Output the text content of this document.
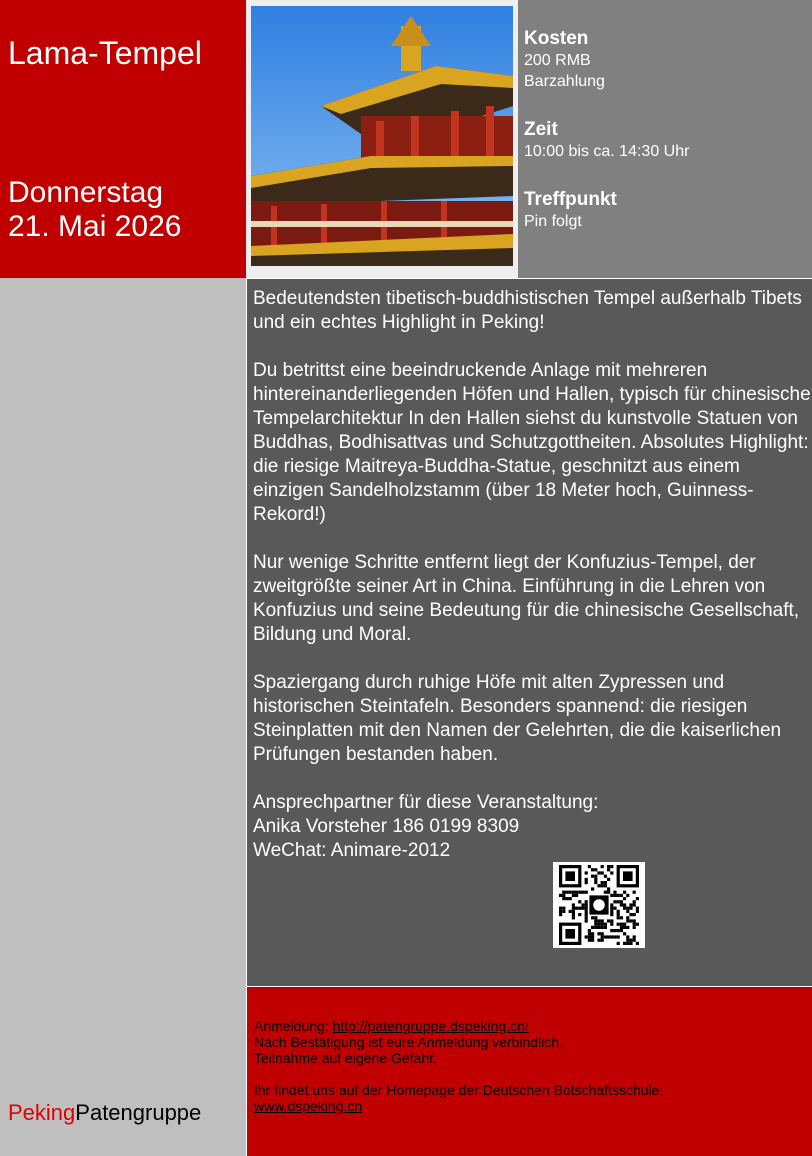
Lama-Tempel
Donnerstag
21. Mai 2026
Kosten
200 RMB
Barzahlung
Zeit
10:00 bis ca. 14:30 Uhr
Treffpunkt
Pin folgt
PekingPatengruppe

Bedeutendsten tibetisch-buddhistischen Tempel außerhalb Tibets und ein echtes Highlight in Peking!

Du betrittst eine beeindruckende Anlage mit mehreren hintereinanderliegenden Höfen und Hallen, typisch für chinesische Tempelarchitektur In den Hallen siehst du kunstvolle Statuen von Buddhas, Bodhisattvas und Schutzgottheiten. Absolutes Highlight: die riesige Maitreya-Buddha-Statue, geschnitzt aus einem einzigen Sandelholzstamm (über 18 Meter hoch, Guinness-Rekord!)

Nur wenige Schritte entfernt liegt der Konfuzius-Tempel, der zweitgrößte seiner Art in China. Einführung in die Lehren von Konfuzius und seine Bedeutung für die chinesische Gesellschaft, Bildung und Moral.

Spaziergang durch ruhige Höfe mit alten Zypressen und historischen Steintafeln. Besonders spannend: die riesigen Steinplatten mit den Namen der Gelehrten, die die kaiserlichen Prüfungen bestanden haben.

Ansprechpartner für diese Veranstaltung:
Anika Vorsteher 186 0199 8309
WeChat: Animare-2012
Anmeldung: http://patengruppe.dspeking.cn/
Nach Bestätigung ist eure Anmeldung verbindlich.
Teilnahme auf eigene Gefahr.
Ihr findet uns auf der Homepage der Deutschen Botschaftsschule:
www.dspeking.cn
